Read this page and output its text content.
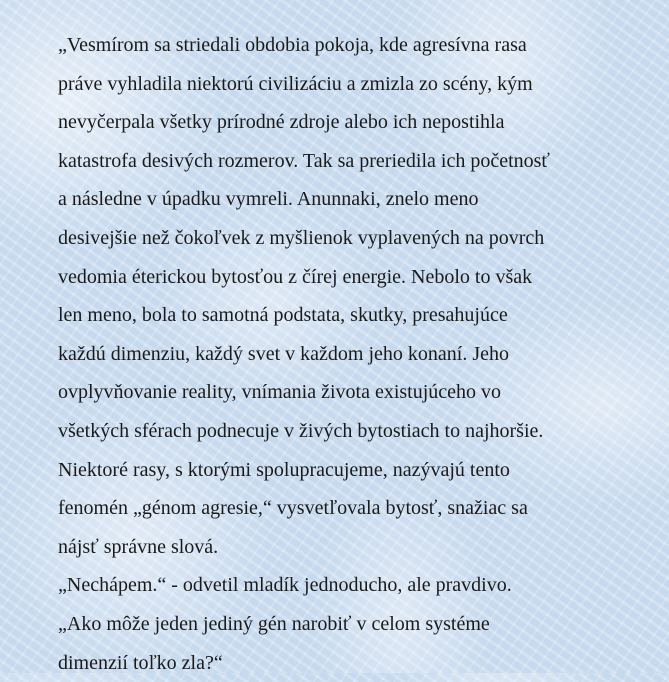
„Vesmírom sa striedali obdobia pokoja, kde agresívna rasa
práve vyhladila niektorú civilizáciu a zmizla zo scény, kým
nevyčerpala všetky prírodné zdroje alebo ich nepostihla
katastrofa desivých rozmerov. Tak sa preriedila ich početnosť
a následne v úpadku vymreli. Anunnaki, znelo meno
desivejšie než čokoľvek z myšlienok vyplavených na povrch
vedomia éterickou bytosťou z čírej energie. Nebolo to však
len meno, bola to samotná podstata, skutky, presahujúce
každú dimenziu, každý svet v každom jeho konaní. Jeho
ovplyvňovanie reality, vnímania života existujúceho vo
všetkých sférach podnecuje v živých bytostiach to najhoršie.
Niektoré rasy, s ktorými spolupracujeme, nazývajú tento
fenomén „génom agresie,“ vysvetľovala bytosť, snažiac sa
nájsť správne slová.
„Nechápem.“ - odvetil mladík jednoducho, ale pravdivo.
„Ako môže jeden jediný gén narobiť v celom systéme
dimenzií toľko zla?“
